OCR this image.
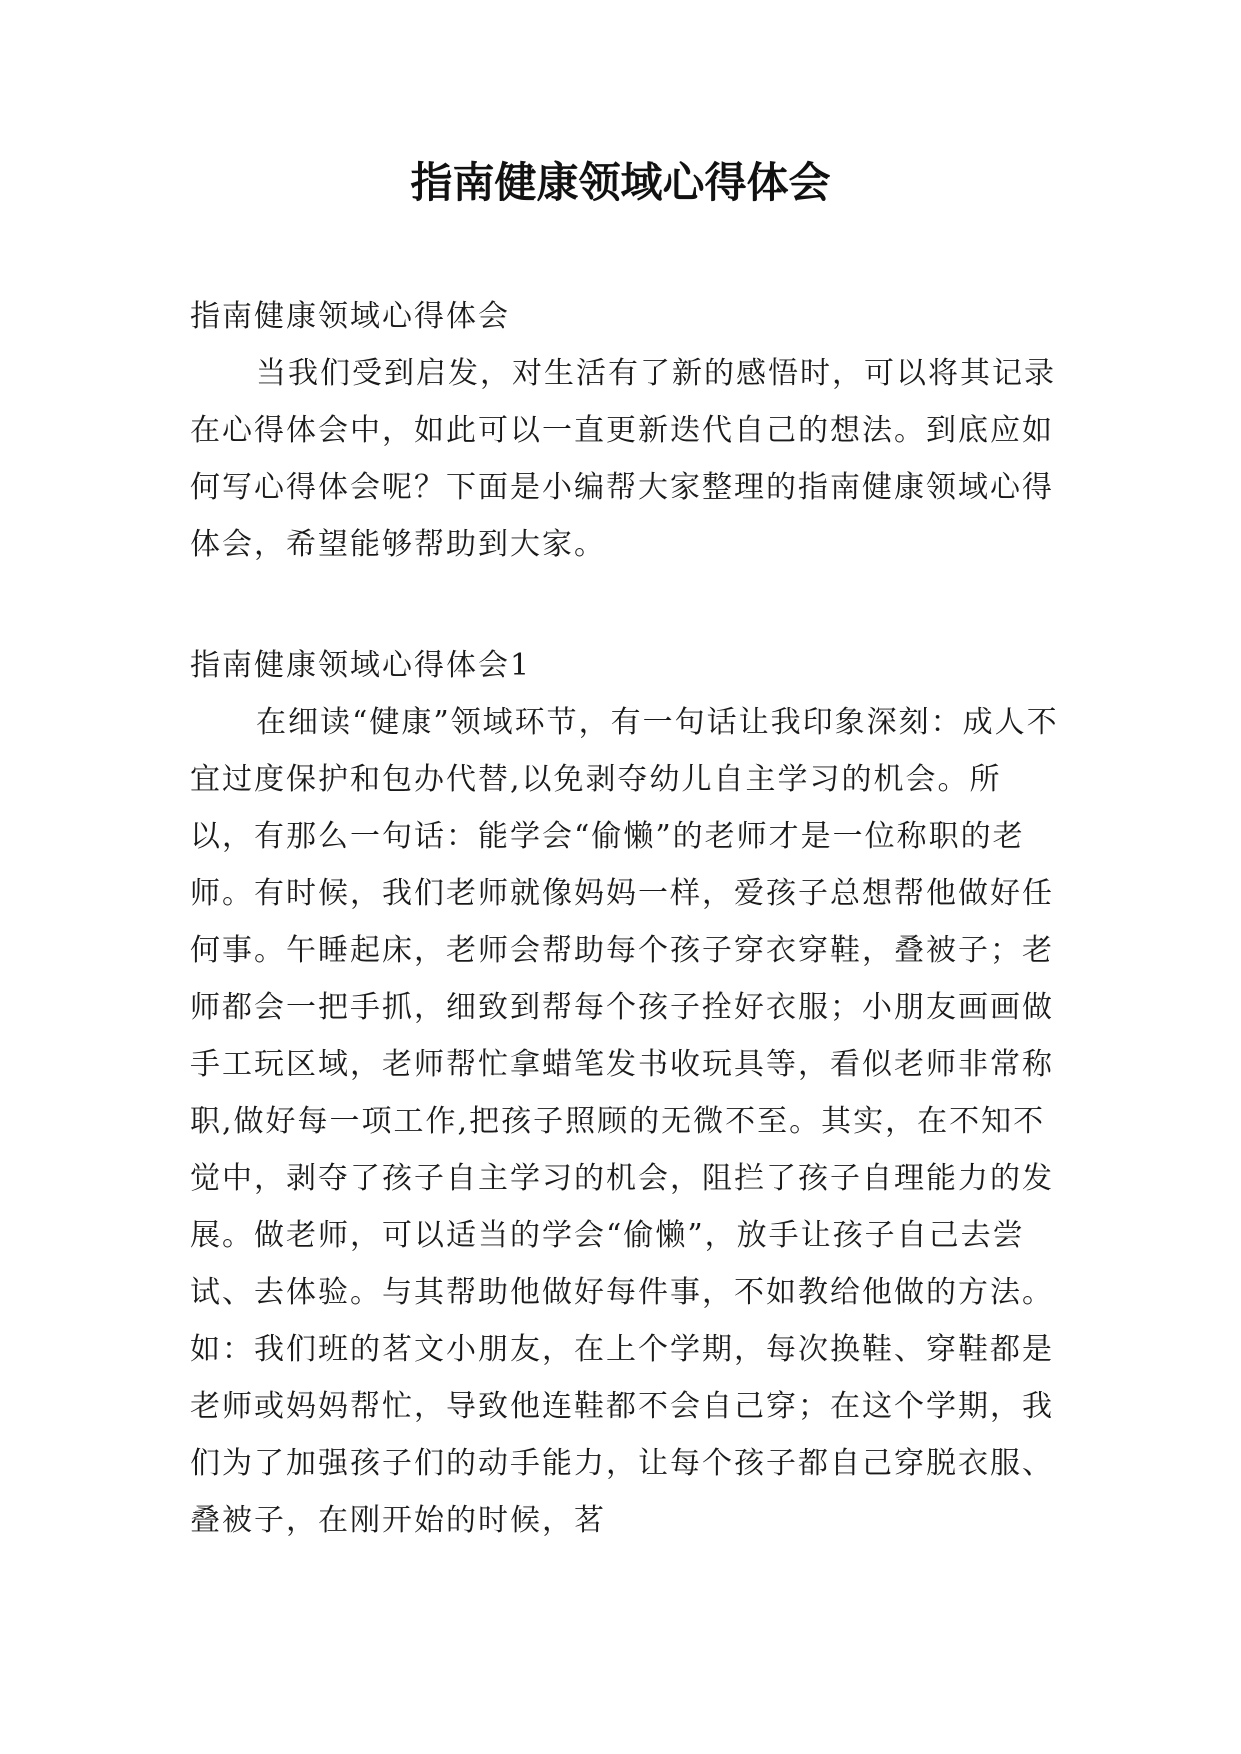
指南健康领域心得体会

指南健康领域心得体会

当我们受到启发，对生活有了新的感悟时，可以将其记录在心得体会中，如此可以一直更新迭代自己的想法。到底应如何写心得体会呢？下面是小编帮大家整理的指南健康领域心得体会，希望能够帮助到大家。

指南健康领域心得体会1

在细读“健康”领域环节，有一句话让我印象深刻：成人不宜过度保护和包办代替,以免剥夺幼儿自主学习的机会。所以，有那么一句话：能学会“偷懒”的老师才是一位称职的老师。有时候，我们老师就像妈妈一样，爱孩子总想帮他做好任何事。午睡起床，老师会帮助每个孩子穿衣穿鞋，叠被子；老师都会一把手抓，细致到帮每个孩子拴好衣服；小朋友画画做手工玩区域，老师帮忙拿蜡笔发书收玩具等，看似老师非常称职,做好每一项工作,把孩子照顾的无微不至。其实，在不知不觉中，剥夺了孩子自主学习的机会，阻拦了孩子自理能力的发展。做老师，可以适当的学会“偷懒”，放手让孩子自己去尝试、去体验。与其帮助他做好每件事，不如教给他做的方法。如：我们班的茗文小朋友，在上个学期，每次换鞋、穿鞋都是老师或妈妈帮忙，导致他连鞋都不会自己穿；在这个学期，我们为了加强孩子们的动手能力，让每个孩子都自己穿脱衣服、叠被子，在刚开始的时候，茗
